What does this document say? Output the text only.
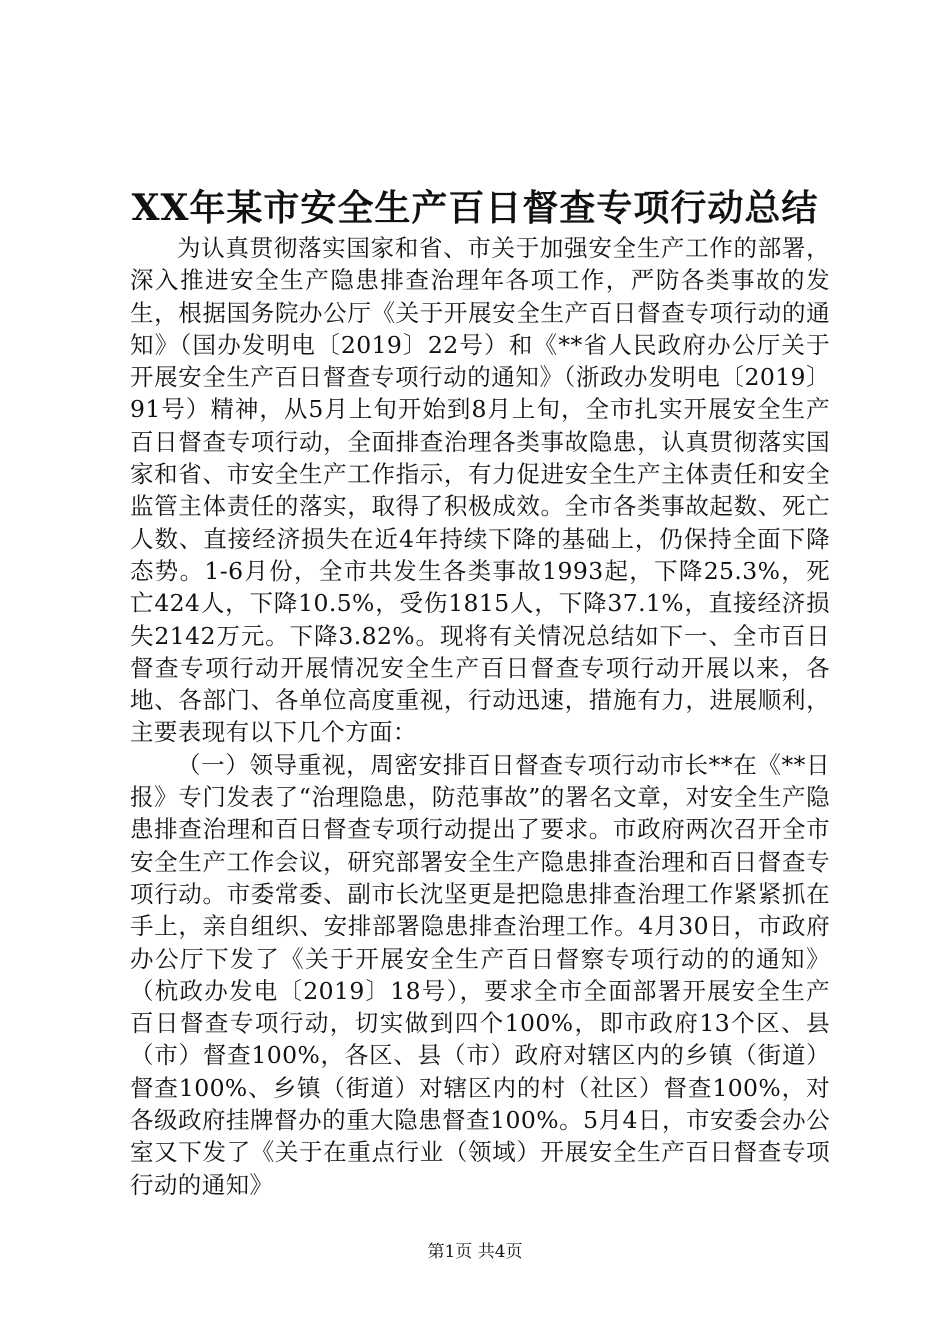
XX年某市安全生产百日督查专项行动总结

为认真贯彻落实国家和省、市关于加强安全生产工作的部署，深入推进安全生产隐患排查治理年各项工作，严防各类事故的发生，根据国务院办公厅《关于开展安全生产百日督查专项行动的通知》（国办发明电〔2019〕22号）和《**省人民政府办公厅关于开展安全生产百日督查专项行动的通知》（浙政办发明电〔2019〕91号）精神，从5月上旬开始到8月上旬，全市扎实开展安全生产百日督查专项行动，全面排查治理各类事故隐患，认真贯彻落实国家和省、市安全生产工作指示，有力促进安全生产主体责任和安全监管主体责任的落实，取得了积极成效。全市各类事故起数、死亡人数、直接经济损失在近4年持续下降的基础上，仍保持全面下降态势。1-6月份，全市共发生各类事故1993起，下降25.3%，死亡424人，下降10.5%，受伤1815人，下降37.1%，直接经济损失2142万元。下降3.82%。现将有关情况总结如下一、全市百日督查专项行动开展情况安全生产百日督查专项行动开展以来，各地、各部门、各单位高度重视，行动迅速，措施有力，进展顺利，主要表现有以下几个方面：

（一）领导重视，周密安排百日督查专项行动市长**在《**日报》专门发表了“治理隐患，防范事故”的署名文章，对安全生产隐患排查治理和百日督查专项行动提出了要求。市政府两次召开全市安全生产工作会议，研究部署安全生产隐患排查治理和百日督查专项行动。市委常委、副市长沈坚更是把隐患排查治理工作紧紧抓在手上，亲自组织、安排部署隐患排查治理工作。4月30日，市政府办公厅下发了《关于开展安全生产百日督察专项行动的的通知》（杭政办发电〔2019〕18号），要求全市全面部署开展安全生产百日督查专项行动，切实做到四个100%，即市政府13个区、县（市）督查100%，各区、县（市）政府对辖区内的乡镇（街道）督查100%、乡镇（街道）对辖区内的村（社区）督查100%，对各级政府挂牌督办的重大隐患督查100%。5月4日，市安委会办公室又下发了《关于在重点行业（领域）开展安全生产百日督查专项行动的通知》

第1页 共4页
